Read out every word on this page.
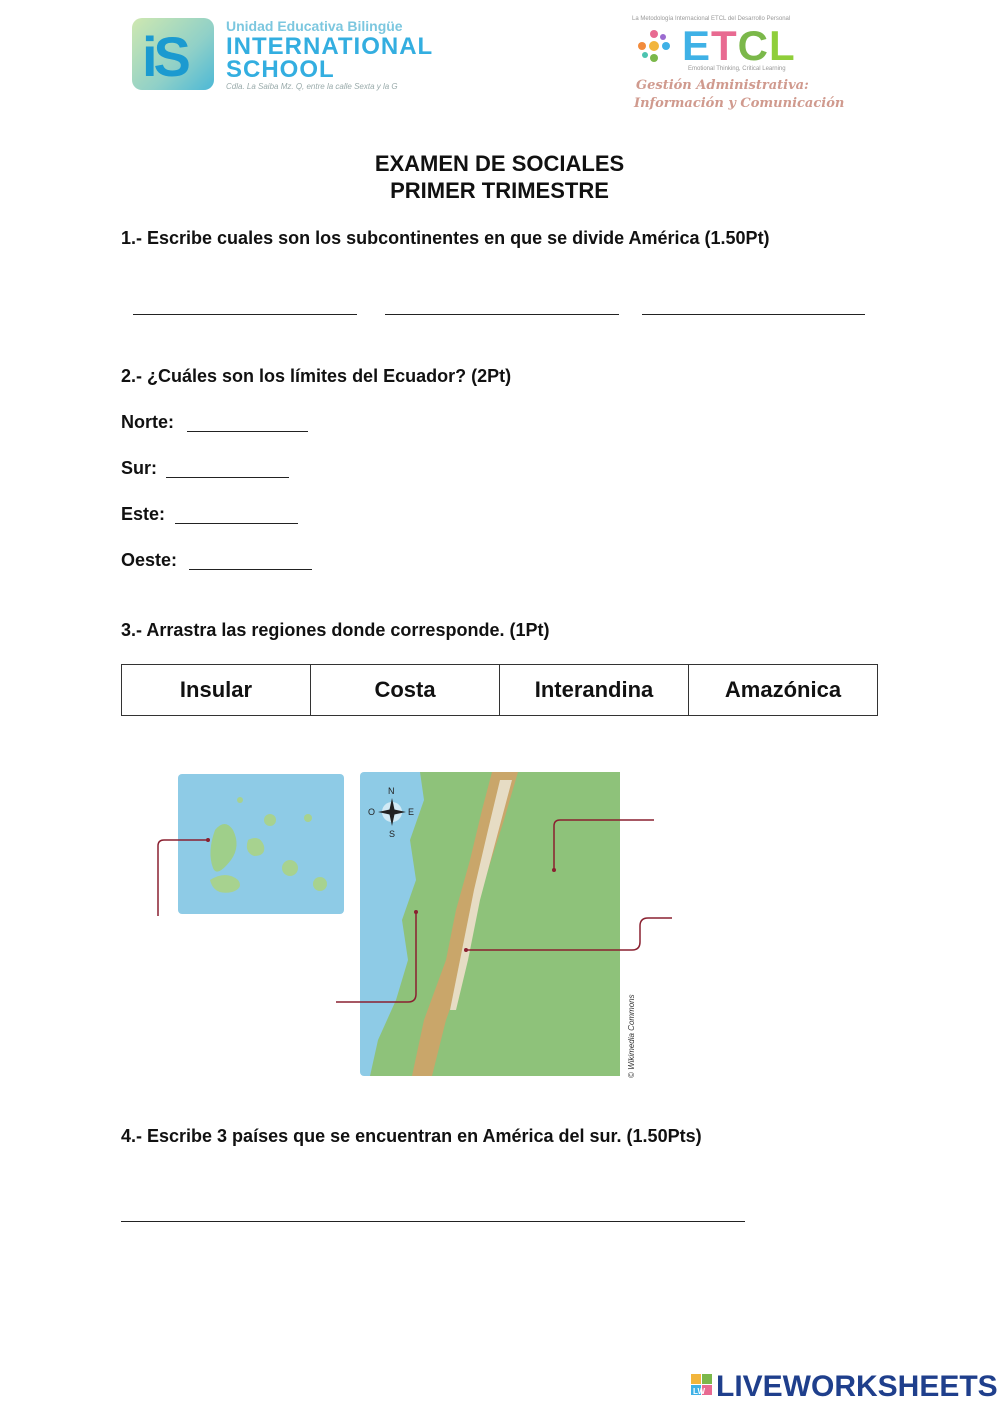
iS	Unidad Educativa Bilingüe
INTERNATIONAL
SCHOOL
Cdla. La Saiba Mz. Q, entre la calle Sexta y la G
La Metodología Internacional ETCL del Desarrollo Personal
ETCL
Emotional Thinking, Critical Learning
Gestión Administrativa:
Información y Comunicación
EXAMEN DE SOCIALES
PRIMER TRIMESTRE
1.- Escribe cuales son los subcontinentes en que se divide América (1.50Pt)
2.- ¿Cuáles son los límites del Ecuador? (2Pt)
Norte:
Sur:
Este:
Oeste:
3.- Arrastra las regiones donde corresponde. (1Pt)
Insular	Costa	Interandina	Amazónica
N
S
E
O
© Wikimedia Commons
4.- Escribe 3 países que se encuentran en América del sur. (1.50Pts)
LW LIVEWORKSHEETS
